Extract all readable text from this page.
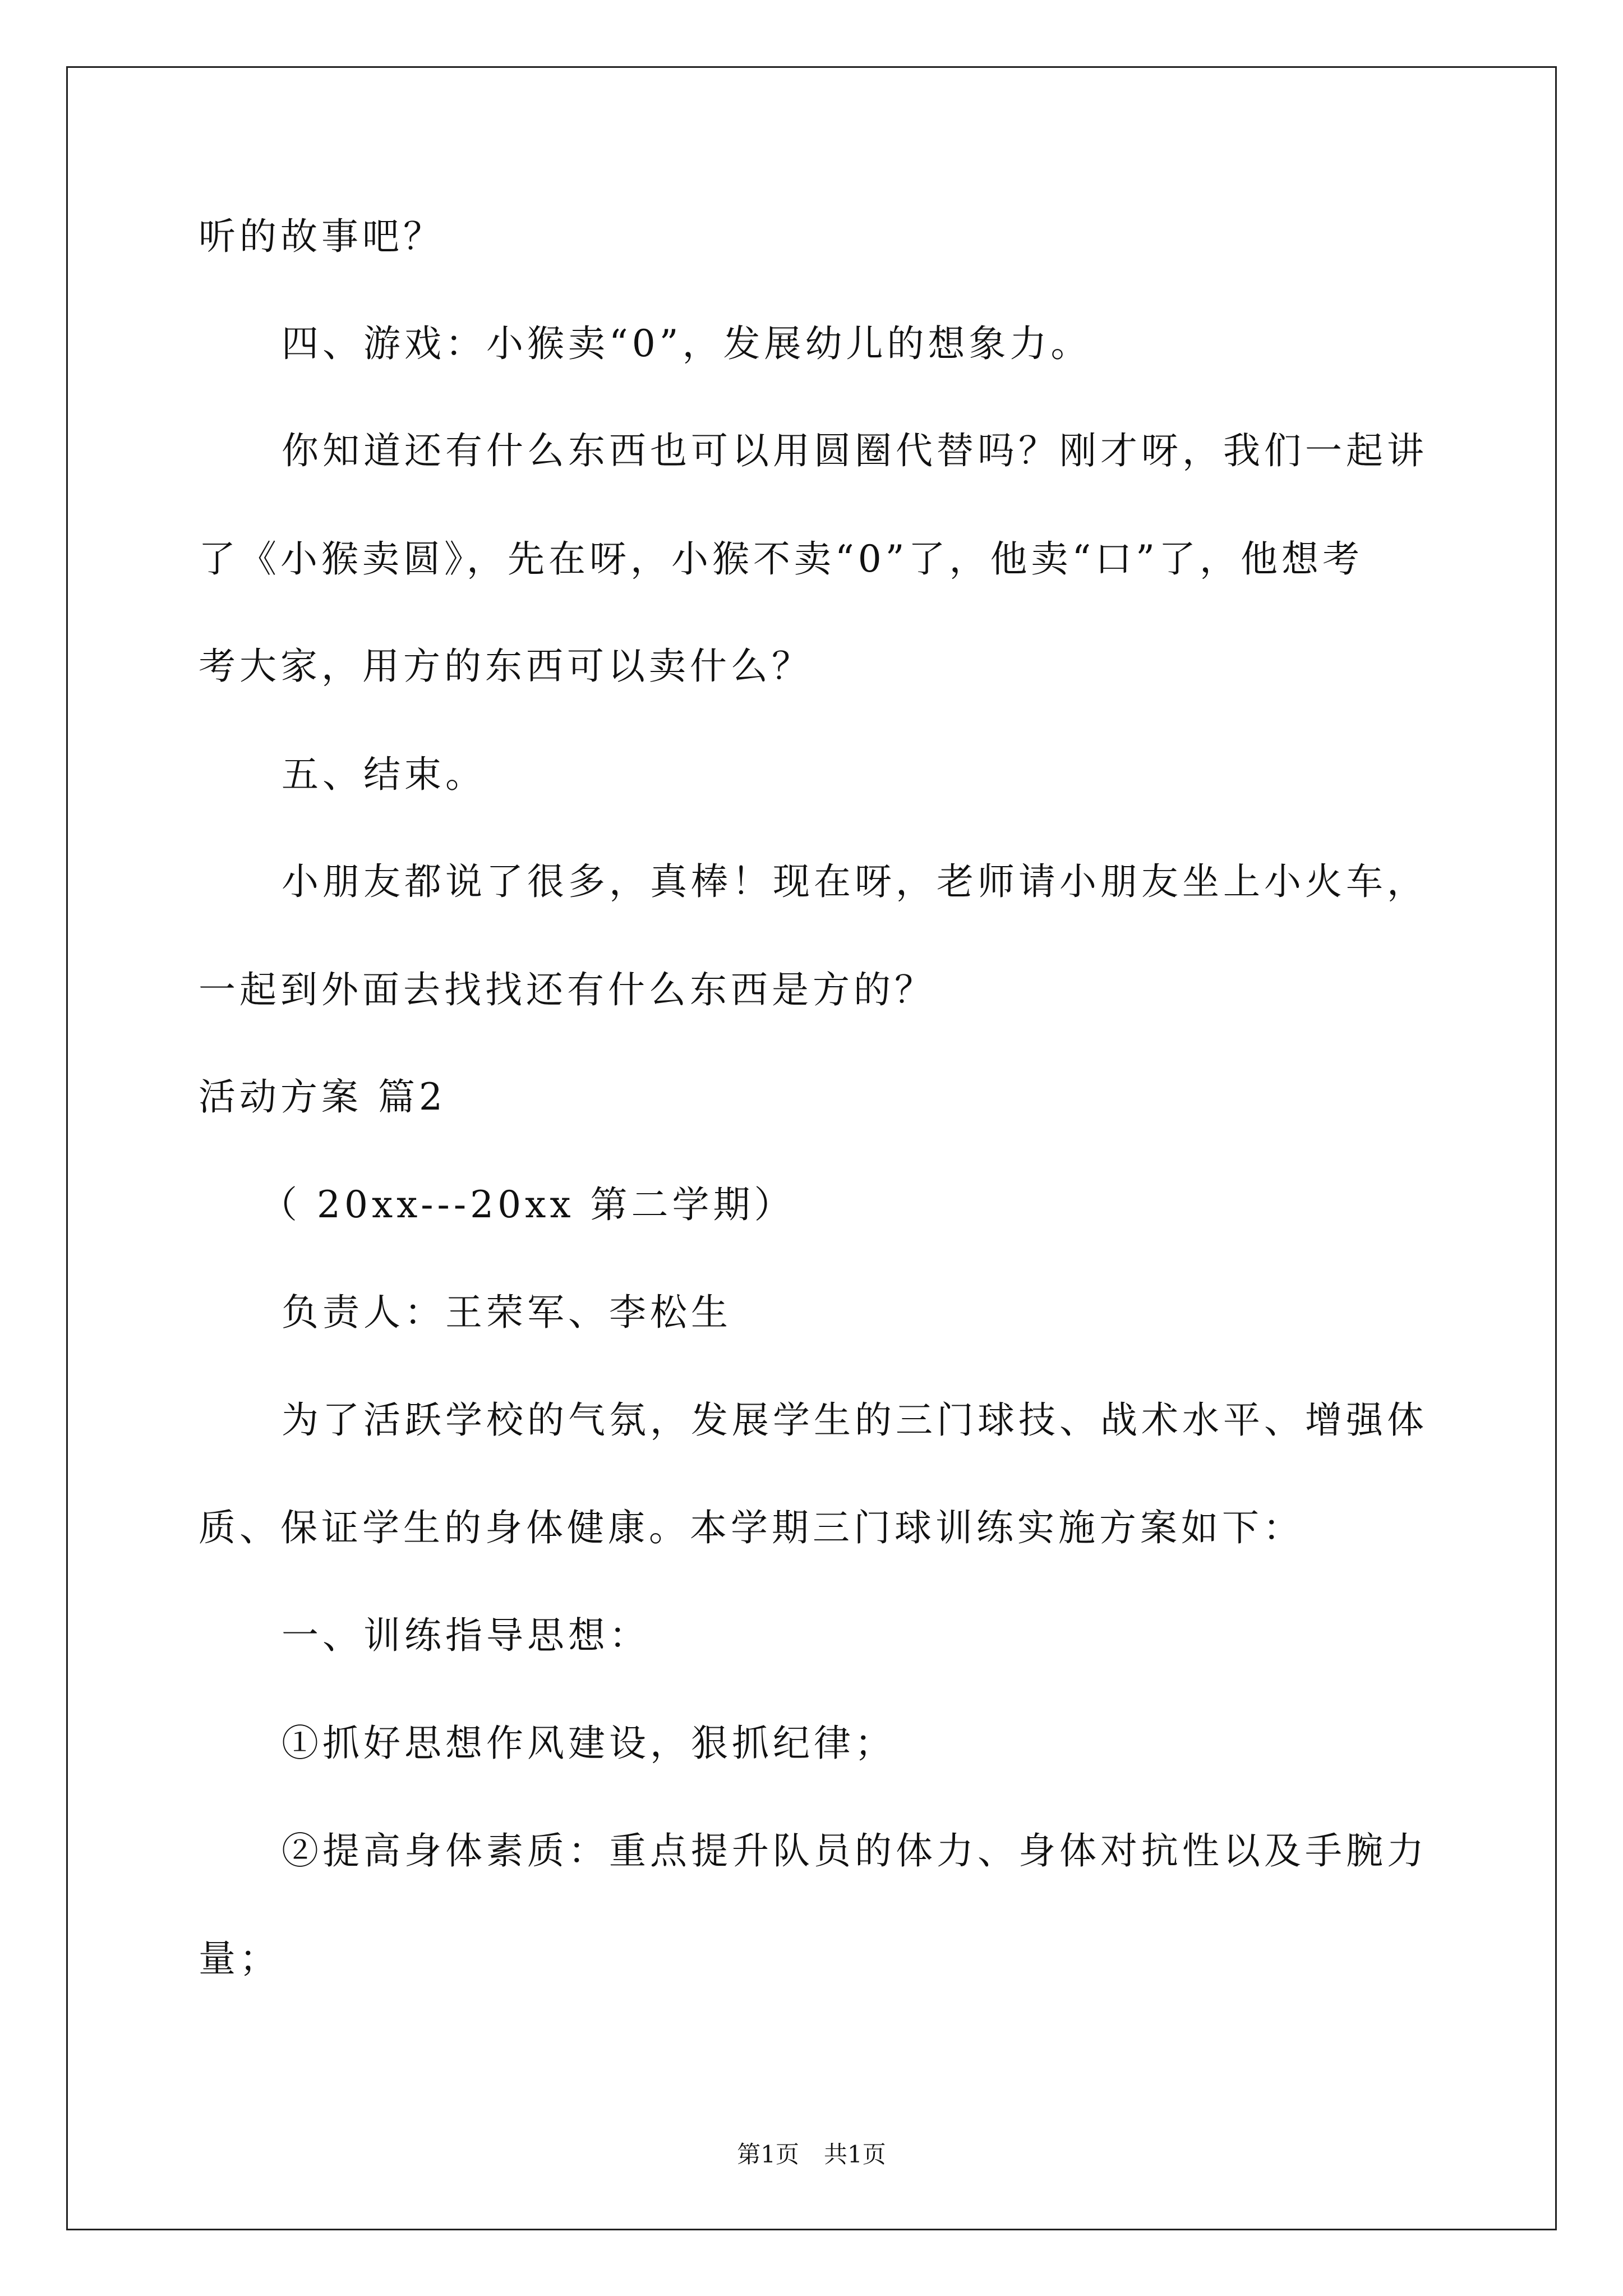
听的故事吧？
四、游戏：小猴卖“0”，发展幼儿的想象力。
你知道还有什么东西也可以用圆圈代替吗？刚才呀，我们一起讲
了《小猴卖圆》，先在呀，小猴不卖“0”了，他卖“口”了，他想考
考大家，用方的东西可以卖什么？
五、结束。
小朋友都说了很多，真棒！现在呀，老师请小朋友坐上小火车，
一起到外面去找找还有什么东西是方的？
活动方案 篇2
（ 20xx---20xx 第二学期）
负责人：王荣军、李松生
为了活跃学校的气氛，发展学生的三门球技、战术水平、增强体
质、保证学生的身体健康。本学期三门球训练实施方案如下：
一、训练指导思想：
①抓好思想作风建设，狠抓纪律；
②提高身体素质：重点提升队员的体力、身体对抗性以及手腕力
量；
第1页 共1页
